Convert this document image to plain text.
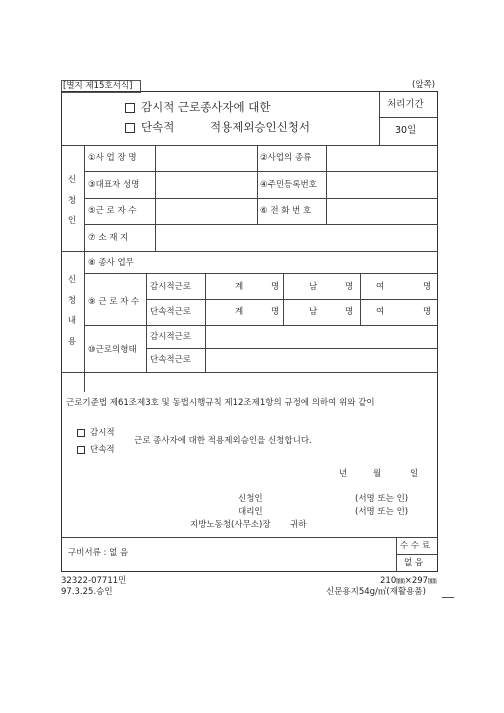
[별지 제15호서식]	(앞쪽)
감시적 근로종사자에 대한
단속적	적용제외승인신청서
처리기간
30일
신
청
인
①사 업 장 명	②사업의 종류
③대표자 성명	④주민등록번호
⑤근 로 자 수	⑥ 전 화 번 호
⑦ 소 재 지
신
청
내
용
⑧ 종사 업무
⑨ 근 로 자 수
감시적근로	계	명	남	명	여	명
단속적근로	계	명	남	명	여	명
⑩근로의형태
감시적근로
단속적근로
근로기준법 제61조제3호 및 동법시행규칙 제12조제1항의 규정에 의하여 위와 같이
감시적
단속적
근로 종사자에 대한 적용제외승인을 신청합니다.
년	월	일
신청인	(서명 또는 인)
대리인	(서명 또는 인)
지방노동청(사무소)장 귀하
구비서류 : 없 음
수 수 료
없 음
32322-07711민
97.3.25.승인
210㎜×297㎜
신문용지54g/㎡(재활용품)
